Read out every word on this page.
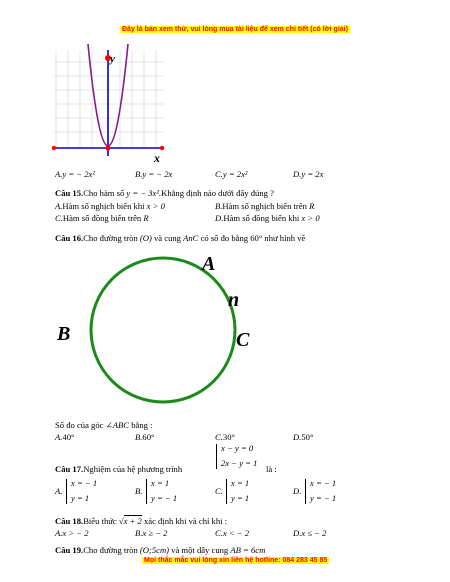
Đây là bản xem thử, vui lòng mua tài liệu để xem chi tiết (có lời giải)
y
x
A.y = − 2x²	B.y = − 2x	C.y = 2x²	D.y = 2x
Câu 15.Cho hàm số y = − 3x².Khẳng định nào dưới đây đúng ?
A.Hàm số nghịch biến khi x > 0	B.Hàm số nghịch biến trên R
C.Hàm số đồng biến trên R	D.Hàm số đồng biến khi x > 0
Câu 16.Cho đường tròn (O) và cung AnC có số đo bằng 60° như hình vẽ
A
n
B	C
Số đo của góc ∠ABC bằng :
A.40°	B.60°	C.30°	D.50°
Câu 17.Nghiệm của hệ phương trình
x − y = 0
2x − y = 1
là :
A.
x = − 1
y = 1
B.
x = 1
y = − 1
C.
x = 1
y = 1
D.
x = − 1
y = − 1
Câu 18.Biểu thức √x + 2 xác định khi và chỉ khi :
A.x > − 2	B.x ≥ − 2	C.x < − 2	D.x ≤ − 2
Câu 19.Cho đường tròn (O;5cm) và một dây cung AB = 6cm
Mọi thắc mắc vui lòng xin liên hệ hotline: 084 283 45 85
